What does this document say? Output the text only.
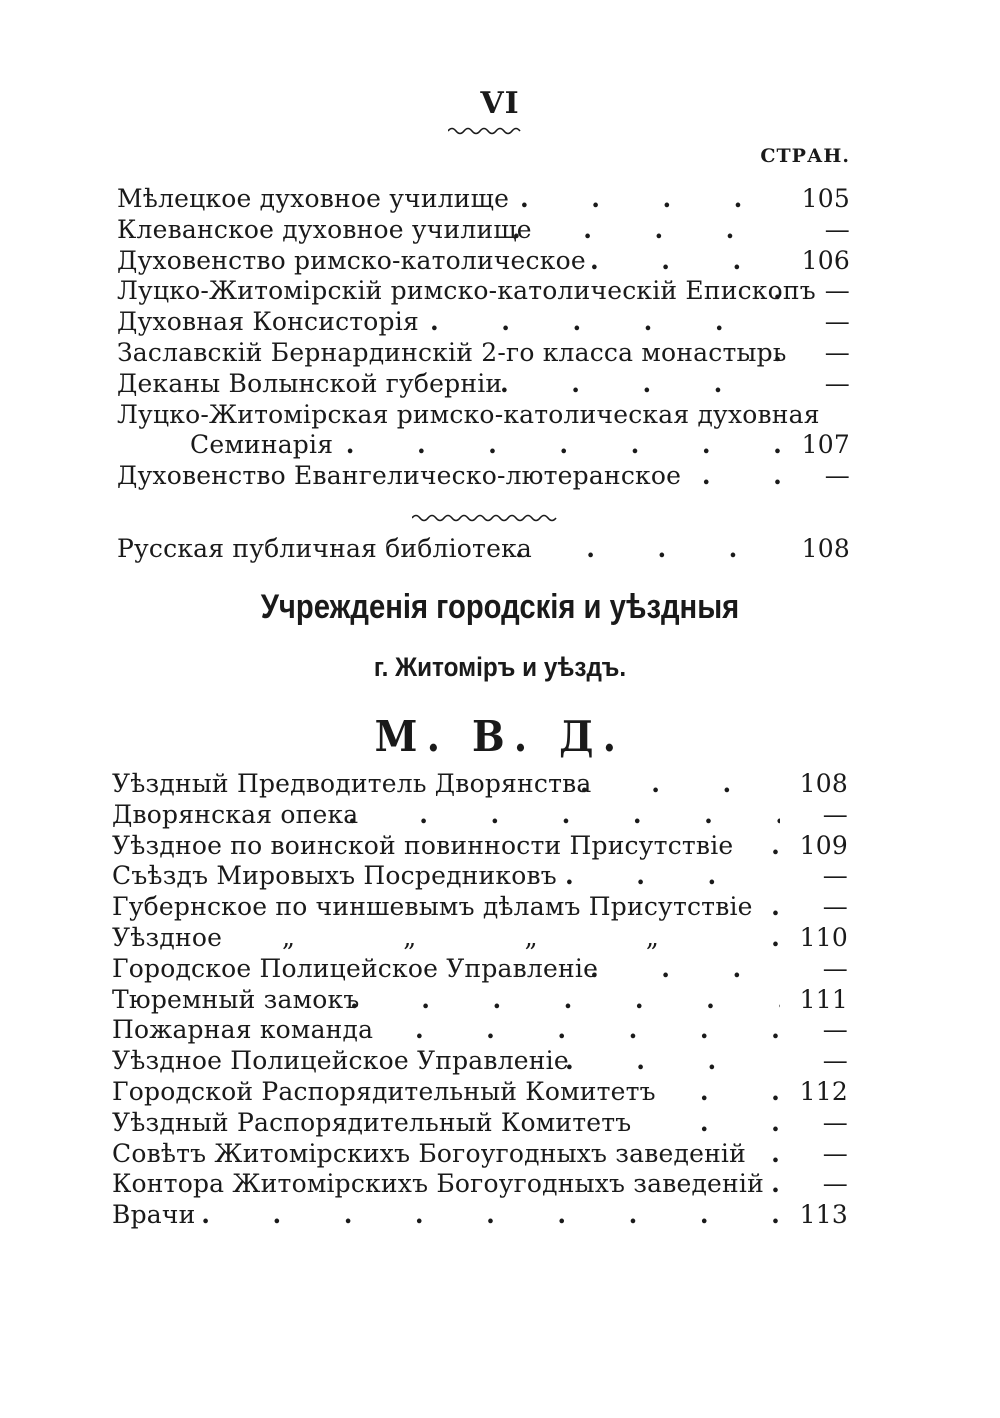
VI
СТРАН.
Мѣлецкое духовное училище .	105
Клеванское духовное училище .	—
Духовенство римско-католическое .	106
Луцко-Житомірскій римско-католическій Епископъ . —
Духовная Консисторія .	—
Заславскій Бернардинскій 2-го класса монастырь .	—
Деканы Волынской губерніи .	—
Луцко-Житомірская римско-католическая духовная
Семинарія .	107
Духовенство Евангелическо-лютеранское .	—
Русская публичная библіотека .	108
Учрежденія городскія и уѣздныя
г. Житоміръ и уѣздъ.
М. В. Д.
Уѣздный Предводитель Дворянства .	108
Дворянская опека .	—
Уѣздное по воинской повинности Присутствіе .	109
Съѣздъ Мировыхъ Посредниковъ .	—
Губернское по чиншевымъ дѣламъ Присутствіе .	—
Уѣздное „ „ „ „ .	110
Городское Полицейское Управленіе .	—
Тюремный замокъ .	111
Пожарная команда .	—
Уѣздное Полицейское Управленіе .	—
Городской Распорядительный Комитетъ .	112
Уѣздный Распорядительный Комитетъ .	—
Совѣтъ Житомірскихъ Богоугодныхъ заведеній .	—
Контора Житомірскихъ Богоугодныхъ заведеній .	—
Врачи .	113
